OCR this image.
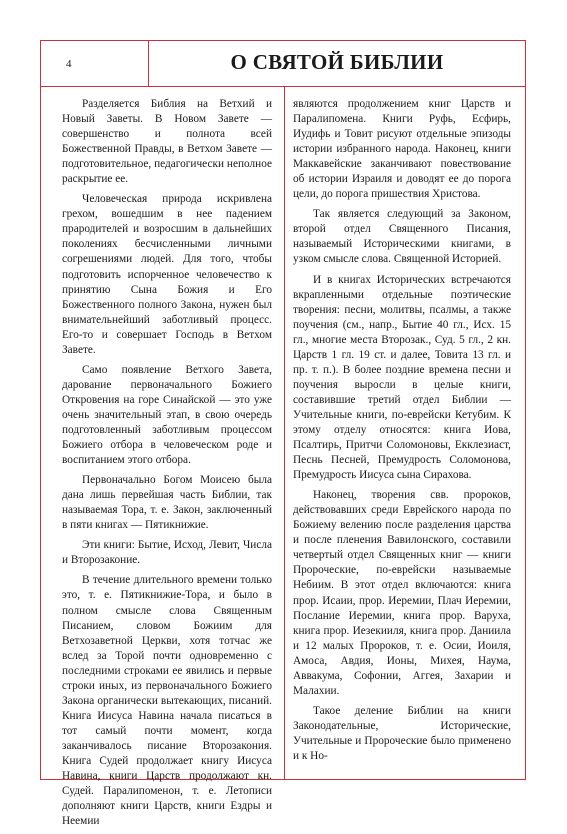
4	О СВЯТОЙ БИБЛИИ

Разделяется Библия на Ветхий и Новый Заветы. В Новом Завете — совершенство и полнота всей Божественной Правды, в Ветхом Завете — подготовительное, педагогически неполное раскрытие ее.

Человеческая природа искривлена грехом, вошедшим в нее падением прародителей и возросшим в дальнейших поколениях бесчисленными личными согрешениями людей. Для того, чтобы подготовить испорченное человечество к принятию Сына Божия и Его Божественного полного Закона, нужен был внимательнейший заботливый процесс. Его-то и совершает Господь в Ветхом Завете.

Само появление Ветхого Завета, дарование первоначального Божиего Откровения на горе Синайской — это уже очень значительный этап, в свою очередь подготовленный заботливым процессом Божиего отбора в человеческом роде и воспитанием этого отбора.

Первоначально Богом Моисею была дана лишь первейшая часть Библии, так называемая Тора, т. е. Закон, заключенный в пяти книгах — Пятикнижие.

Эти книги: Бытие, Исход, Левит, Числа и Второзаконие.

В течение длительного времени только это, т. е. Пятикнижие-Тора, и было в полном смысле слова Священным Писанием, словом Божиим для Ветхозаветной Церкви, хотя тотчас же вслед за Торой почти одновременно с последними строками ее явились и первые строки иных, из первоначального Божиего Закона органически вытекающих, писаний. Книга Иисуса Навина начала писаться в тот самый почти момент, когда заканчивалось писание Второзакония. Книга Судей продолжает книгу Иисуса Навина, книги Царств продолжают кн. Судей. Паралипоменон, т. е. Летописи дополняют книги Царств, книги Ездры и Неемии

являются продолжением книг Царств и Паралипомена. Книги Руфь, Есфирь, Иудифь и Товит рисуют отдельные эпизоды истории избранного народа. Наконец, книги Маккавейские заканчивают повествование об истории Израиля и доводят ее до порога цели, до порога пришествия Христова.

Так является следующий за Законом, второй отдел Священного Писания, называемый Историческими книгами, в узком смысле слова. Священной Историей.

И в книгах Исторических встречаются вкрапленными отдельные поэтические творения: песни, молитвы, псалмы, а также поучения (см., напр., Бытие 40 гл., Исх. 15 гл., многие места Второзак., Суд. 5 гл., 2 кн. Царств 1 гл. 19 ст. и далее, Товита 13 гл. и пр. т. п.). В более поздние времена песни и поучения выросли в целые книги, составившие третий отдел Библии — Учительные книги, по-еврейски Кетубим. К этому отделу относятся: книга Иова, Псалтирь, Притчи Соломоновы, Екклезиаст, Песнь Песней, Премудрость Соломонова, Премудрость Иисуса сына Сирахова.

Наконец, творения свв. пророков, действовавших среди Еврейского народа по Божиему велению после разделения царства и после пленения Вавилонского, составили четвертый отдел Священных книг — книги Пророческие, по-еврейски называемые Небиим. В этот отдел включаются: книга прор. Исаии, прор. Иеремии, Плач Иеремии, Послание Иеремии, книга прор. Варуха, книга прор. Иезекииля, книга прор. Даниила и 12 малых Пророков, т. е. Осии, Иоиля, Амоса, Авдия, Ионы, Михея, Наума, Аввакума, Софонии, Аггея, Захарии и Малахии.

Такое деление Библии на книги Законодательные, Исторические, Учительные и Пророческие было применено и к Но-
